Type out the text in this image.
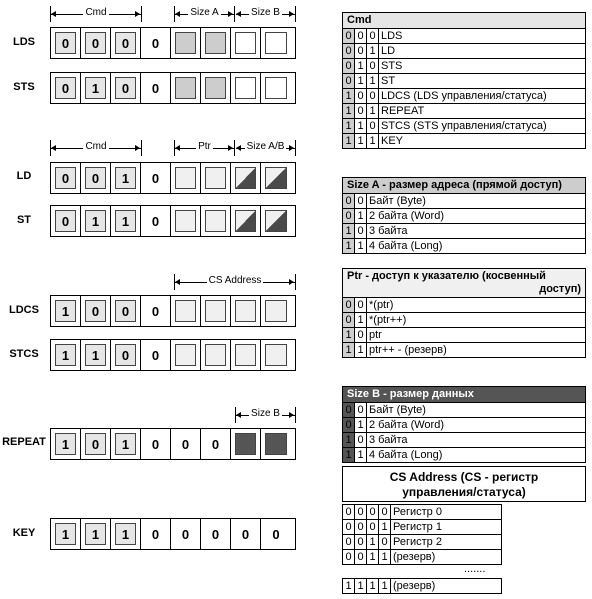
Cmd	Size A	Size B
LDS	0	0	0	0
STS	0	1	0	0
Cmd	Ptr	Size A/B
LD	0	0	1	0
ST	0	1	1	0
CS Address
LDCS	1	0	0	0
STCS	1	1	0	0
Size B
REPEAT	1	0	1	0	0	0
KEY	1	1	1	0	0	0	0	0
Cmd
0 0 0 LDS
0 0 1 LD
0 1 0 STS
0 1 1 ST
1 0 0 LDCS (LDS управления/статуса)
1 0 1 REPEAT
1 1 0 STCS (STS управления/статуса)
1 1 1 KEY
Size A - размер адреса (прямой доступ)
0 0 Байт (Byte)
0 1 2 байта (Word)
1 0 3 байта
1 1 4 байта (Long)
Ptr - доступ к указателю (косвенный
доступ)
0 0 *(ptr)
0 1 *(ptr++)
1 0 ptr
1 1 ptr++ - (резерв)
Size B - размер данных
0 0 Байт (Byte)
0 1 2 байта (Word)
1 0 3 байта
1 1 4 байта (Long)
CS Address (CS - регистр
управления/статуса)
0 0 0 0 Регистр 0
0 0 0 1 Регистр 1
0 0 1 0 Регистр 2
0 0 1 1 (резерв)
.......
1 1 1 1 (резерв)
